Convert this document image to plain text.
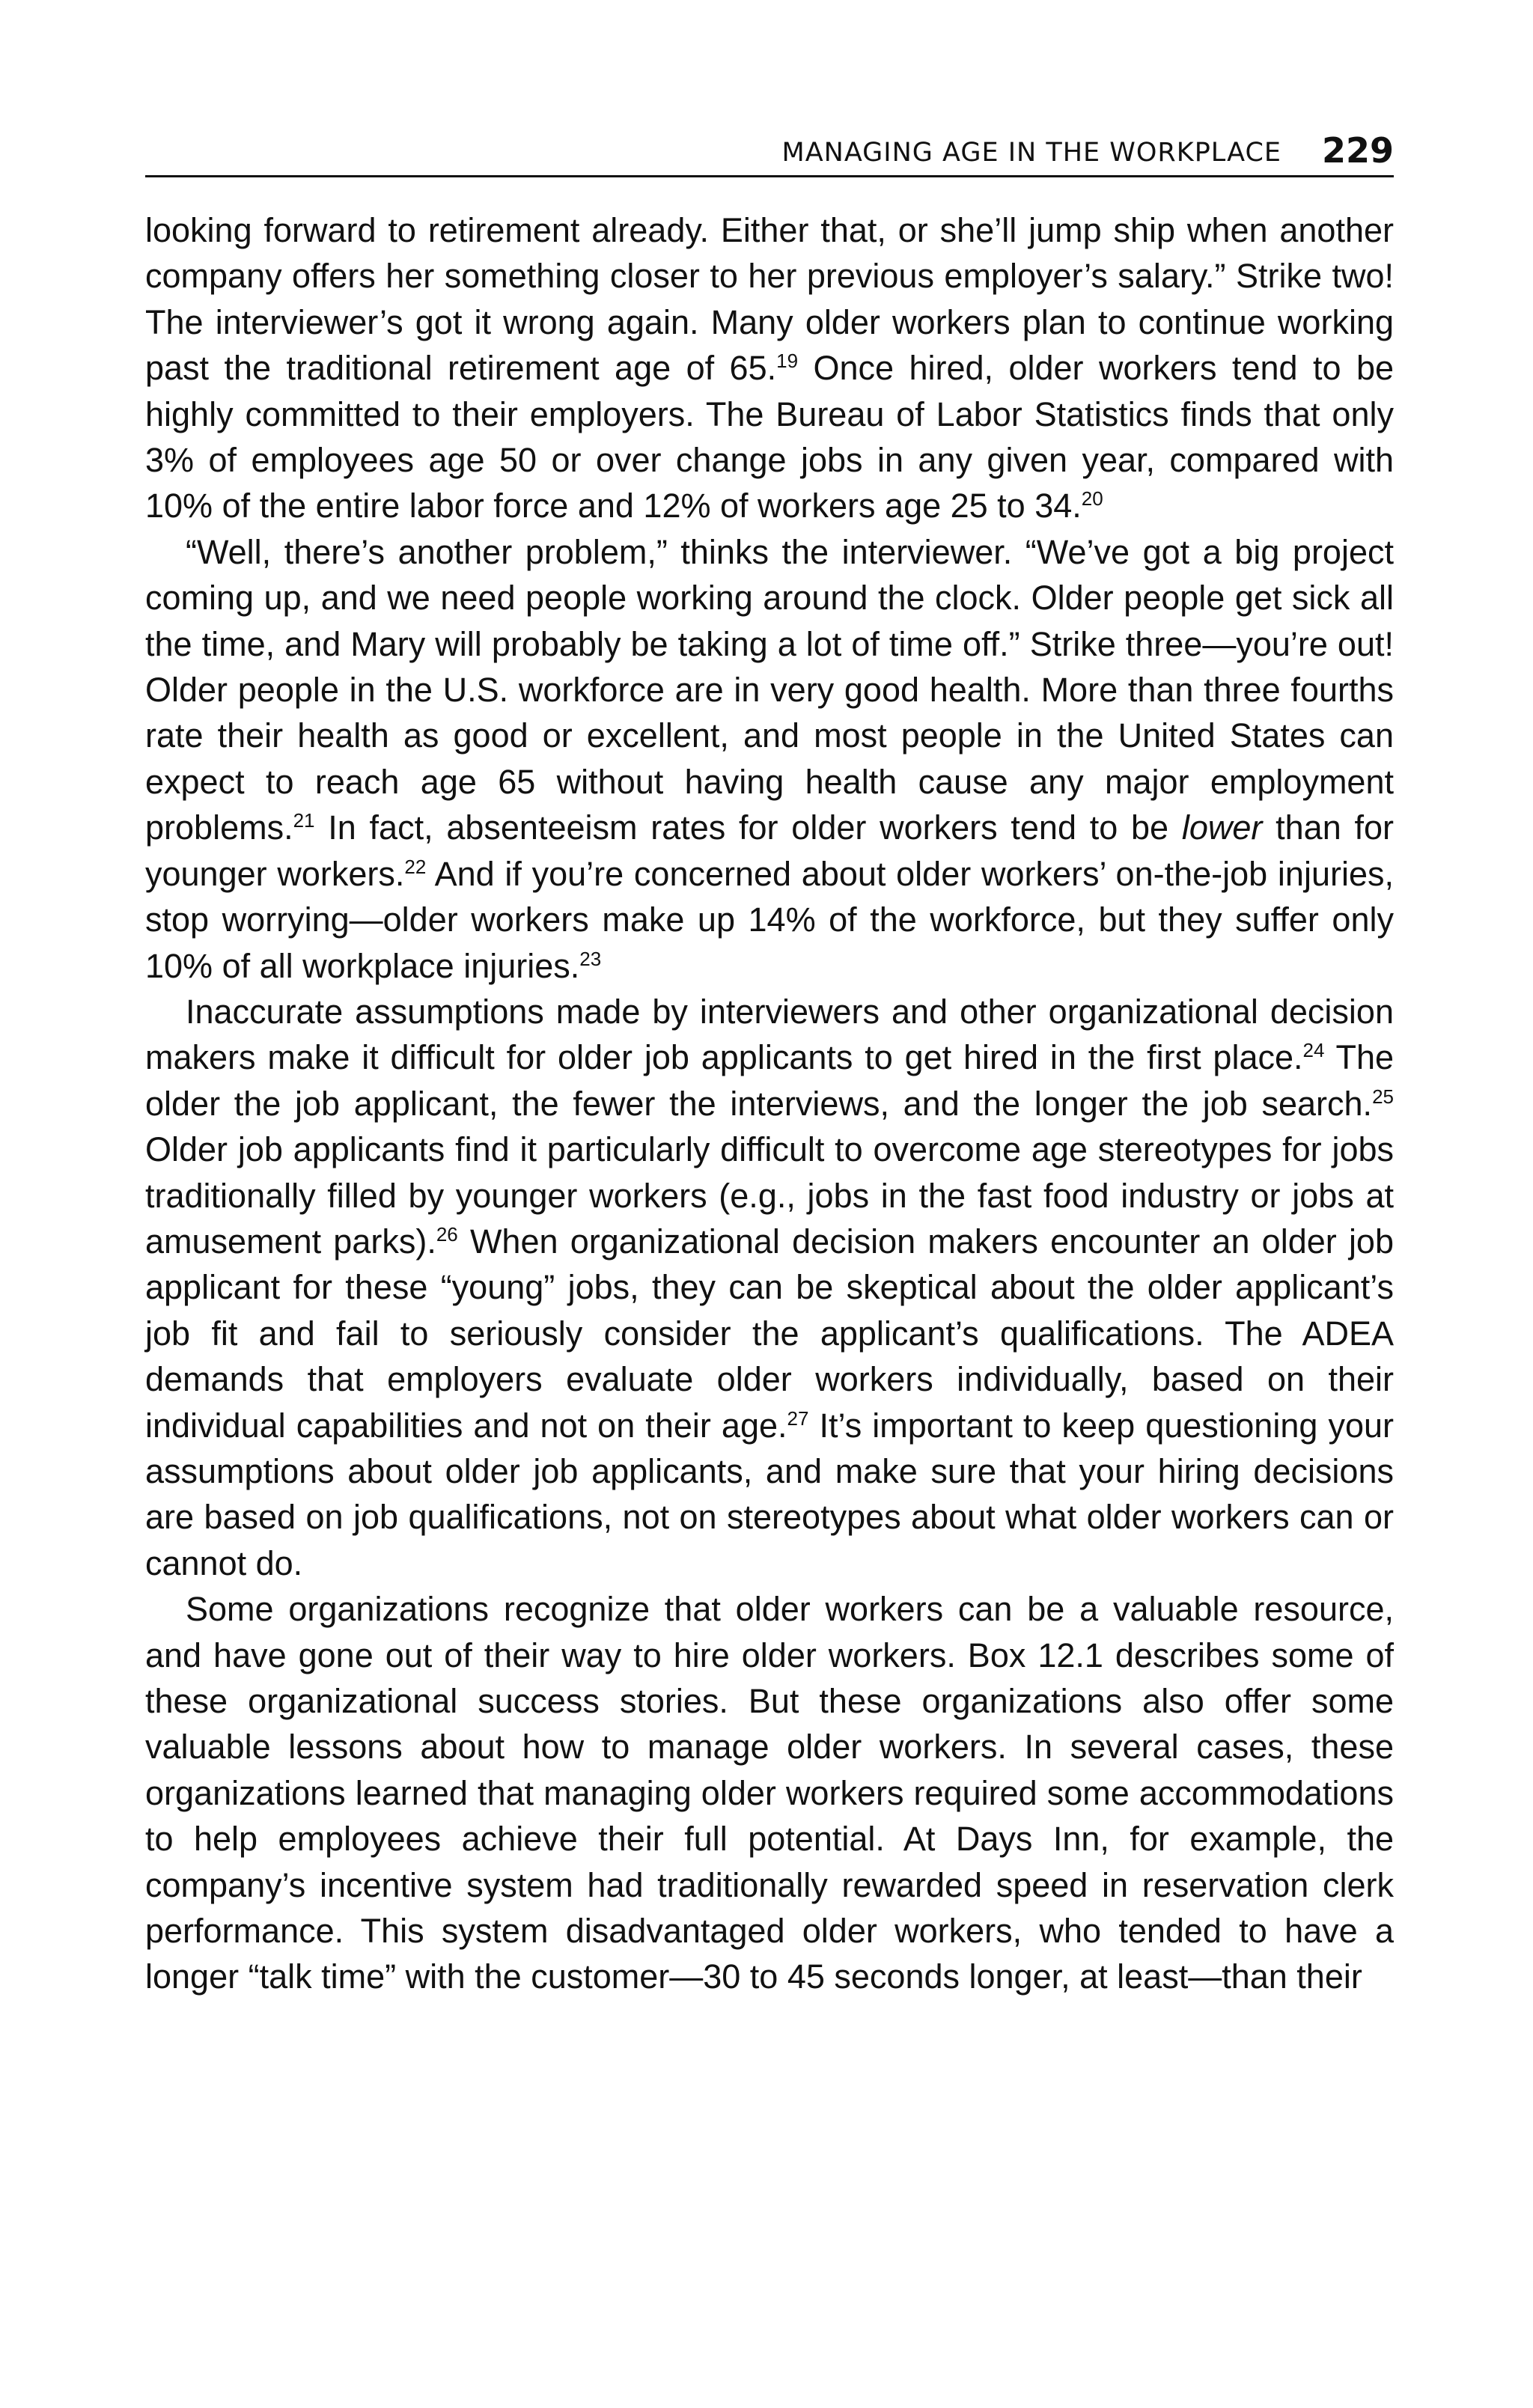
MANAGING AGE IN THE WORKPLACE 229

looking forward to retirement already. Either that, or she’ll jump ship when another company offers her something closer to her previous employer’s salary.” Strike two! The interviewer’s got it wrong again. Many older workers plan to continue working past the traditional retirement age of 65.19 Once hired, older workers tend to be highly committed to their employers. The Bureau of Labor Statistics finds that only 3% of employees age 50 or over change jobs in any given year, compared with 10% of the entire labor force and 12% of workers age 25 to 34.20

“Well, there’s another problem,” thinks the interviewer. “We’ve got a big project coming up, and we need people working around the clock. Older people get sick all the time, and Mary will probably be taking a lot of time off.” Strike three—you’re out! Older people in the U.S. workforce are in very good health. More than three fourths rate their health as good or excellent, and most people in the United States can expect to reach age 65 without having health cause any major employment problems.$^{21}$ In fact, absenteeism rates for older workers tend to be lower than for younger workers.$^{22}$ And if you’re concerned about older workers’ on-the-job injuries, stop worrying—older workers make up 14% of the workforce, but they suffer only 10% of all workplace injuries.$^{23}$

Inaccurate assumptions made by interviewers and other organizational decision makers make it difficult for older job applicants to get hired in the first place.$^{24}$ The older the job applicant, the fewer the interviews, and the longer the job search.$^{25}$ Older job applicants find it particularly difficult to overcome age stereotypes for jobs traditionally filled by younger workers (e.g., jobs in the fast food industry or jobs at amusement parks).$^{26}$ When organizational decision makers encounter an older job applicant for these “young” jobs, they can be skeptical about the older applicant’s job fit and fail to seriously consider the applicant’s qualifications. The ADEA demands that employers evaluate older workers individually, based on their individual capabilities and not on their age.$^{27}$ It’s important to keep questioning your assumptions about older job applicants, and make sure that your hiring decisions are based on job qualifications, not on stereotypes about what older workers can or cannot do.

Some organizations recognize that older workers can be a valuable resource, and have gone out of their way to hire older workers. Box 12.1 describes some of these organizational success stories. But these organizations also offer some valuable lessons about how to manage older workers. In several cases, these organizations learned that managing older workers required some accommodations to help employees achieve their full potential. At Days Inn, for example, the company’s incentive system had traditionally rewarded speed in reservation clerk performance. This system disadvantaged older workers, who tended to have a longer “talk time” with the customer—30 to 45 seconds longer, at least—than their
